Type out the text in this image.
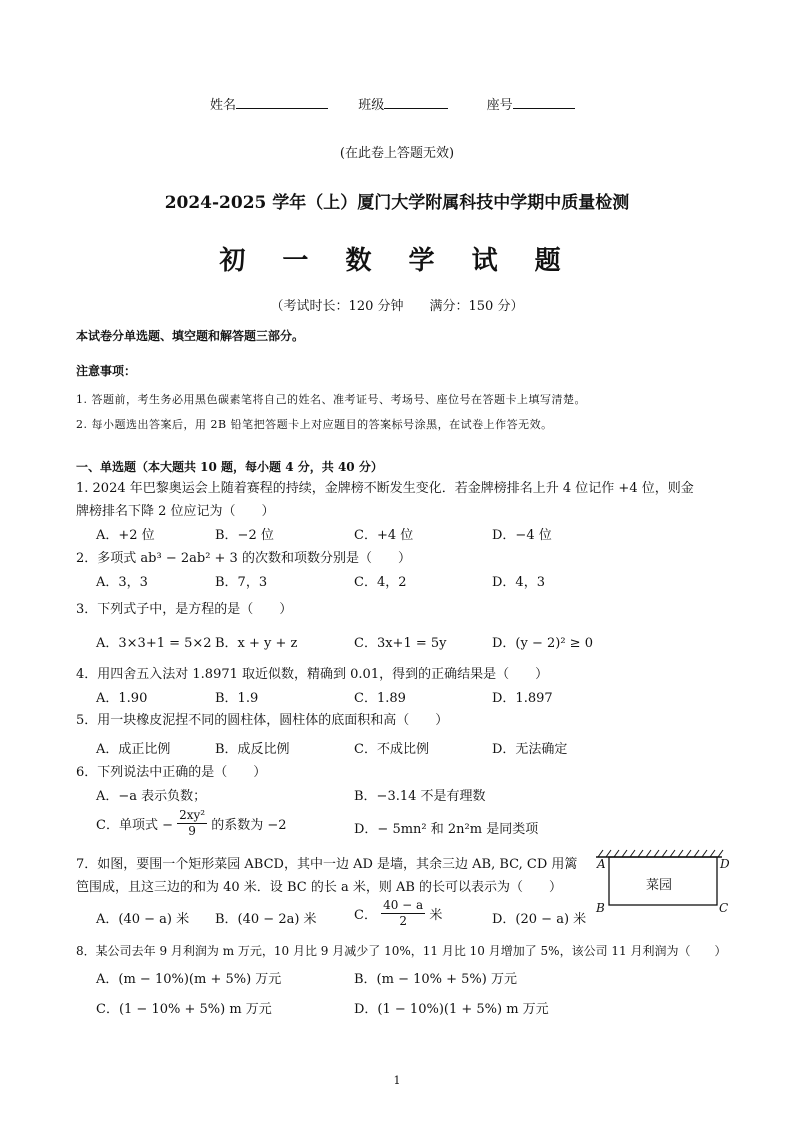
姓名	班级	座号
(在此卷上答题无效)
2024-2025 学年（上）厦门大学附属科技中学期中质量检测
初 一 数 学 试 题
（考试时长：120 分钟　　满分：150 分）
本试卷分单选题、填空题和解答题三部分。
注意事项：
1. 答题前，考生务必用黑色碳素笔将自己的姓名、准考证号、考场号、座位号在答题卡上填写清楚。
2. 每小题选出答案后，用 2B 铅笔把答题卡上对应题目的答案标号涂黑，在试卷上作答无效。
一、单选题（本大题共 10 题，每小题 4 分，共 40 分）
1. 2024 年巴黎奥运会上随着赛程的持续，金牌榜不断发生变化．若金牌榜排名上升 4 位记作 +4 位，则金
牌榜排名下降 2 位应记为（　　）
A．+2 位	B．−2 位	C．+4 位	D．−4 位
2．多项式 ab³ − 2ab² + 3 的次数和项数分别是（　　）
A．3，3	B．7，3	C．4，2	D．4，3
3．下列式子中，是方程的是（　　）
A．3×3+1 = 5×2 B．x + y + z	C．3x+1 = 5y	D．(y − 2)² ≥ 0
4．用四舍五入法对 1.8971 取近似数，精确到 0.01，得到的正确结果是（　　）
A．1.90	B．1.9	C．1.89	D．1.897
5．用一块橡皮泥捏不同的圆柱体，圆柱体的底面积和高（　　）
A．成正比例	B．成反比例	C．不成比例	D．无法确定
6．下列说法中正确的是（　　）
A．−a 表示负数；	B．−3.14 不是有理数
C．单项式 − $\frac{\text{2xy²}}{9}$ 的系数为 −2	D．− 5mn² 和 2n²m 是同类项
7．如图，要围一个矩形菜园 ABCD，其中一边 AD 是墙，其余三边 AB, BC, CD 用篱
笆围成，且这三边的和为 40 米．设 BC 的长 a 米，则 AB 的长可以表示为（　　）
A．(40 − a) 米 B．(40 − 2a) 米	C． $\frac{40 - a}{2}$ 米	D．(20 − a) 米
A	D
B	C
菜园
8．某公司去年 9 月利润为 m 万元，10 月比 9 月减少了 10%，11 月比 10 月增加了 5%，该公司 11 月利润为（　　）
A．(m − 10%)(m + 5%) 万元	B．(m − 10% + 5%) 万元
C．(1 − 10% + 5%) m 万元	D．(1 − 10%)(1 + 5%) m 万元
1
